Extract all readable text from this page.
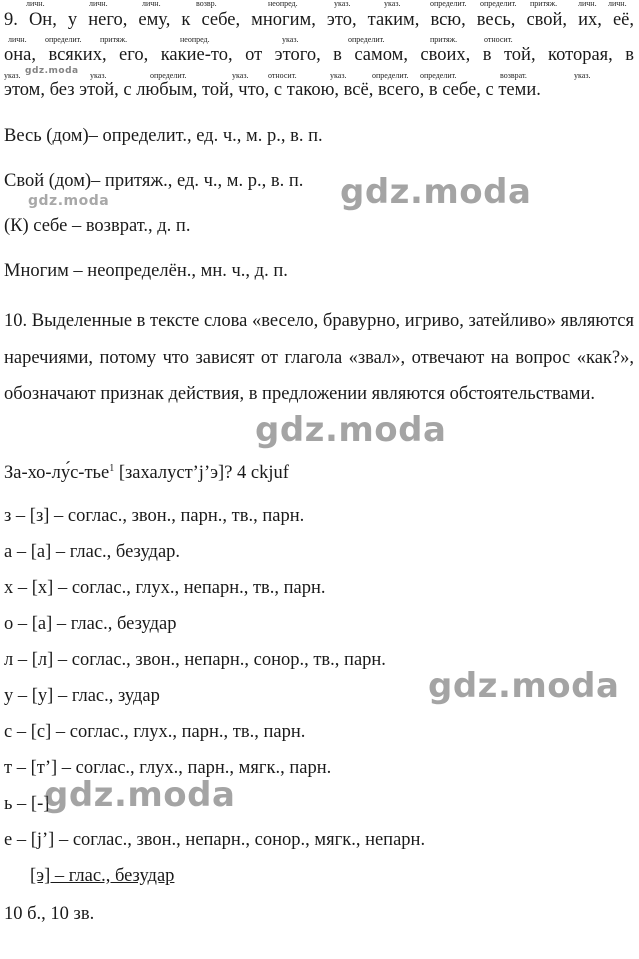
личн.	личн.	личн.	возвр.	неопред.	указ.	указ.	определит. определит. притяж.	личн. личн.
9. Он, у него, ему, к себе, многим, это, таким, всю, весь, свой, их, её,
личн. определит. притяж.	неопред.	указ.	определит.	притяж.	относит.
она, всяких, его, какие-то, от этого, в самом, своих, в той, которая, в
указ.	указ.	определит.	указ. относит.	указ.	определит. определит.	возврат.	указ.
этом, без этой, с любым, той, что, с такою, всё, всего, в себе, с теми.
Весь (дом)– определит., ед. ч., м. р., в. п.
Свой (дом)– притяж., ед. ч., м. р., в. п.
(К) себе – возврат., д. п.
Многим – неопределён., мн. ч., д. п.
10. Выделенные в тексте слова «весело, бравурно, игриво, затейливо» являются наречиями, потому что зависят от глагола «звал», отвечают на вопрос «как?», обозначают признак действия, в предложении являются обстоятельствами.
За-хо-лу́с-тье$^1$ [захалуст’j’э]? 4 ckjuf
з – [з] – соглас., звон., парн., тв., парн.
а – [а] – глас., безудар.
х – [х] – соглас., глух., непарн., тв., парн.
о – [а] – глас., безудар
л – [л] – соглас., звон., непарн., сонор., тв., парн.
у – [у] – глас., зудар
с – [с] – соглас., глух., парн., тв., парн.
т – [т’] – соглас., глух., парн., мягк., парн.
ь – [-]
е – [j’] – соглас., звон., непарн., сонор., мягк., непарн.
[э] – глас., безудар
10 б., 10 зв.
gdz.moda
gdz.moda
gdz.moda
gdz.moda
gdz.moda
gdz.moda
